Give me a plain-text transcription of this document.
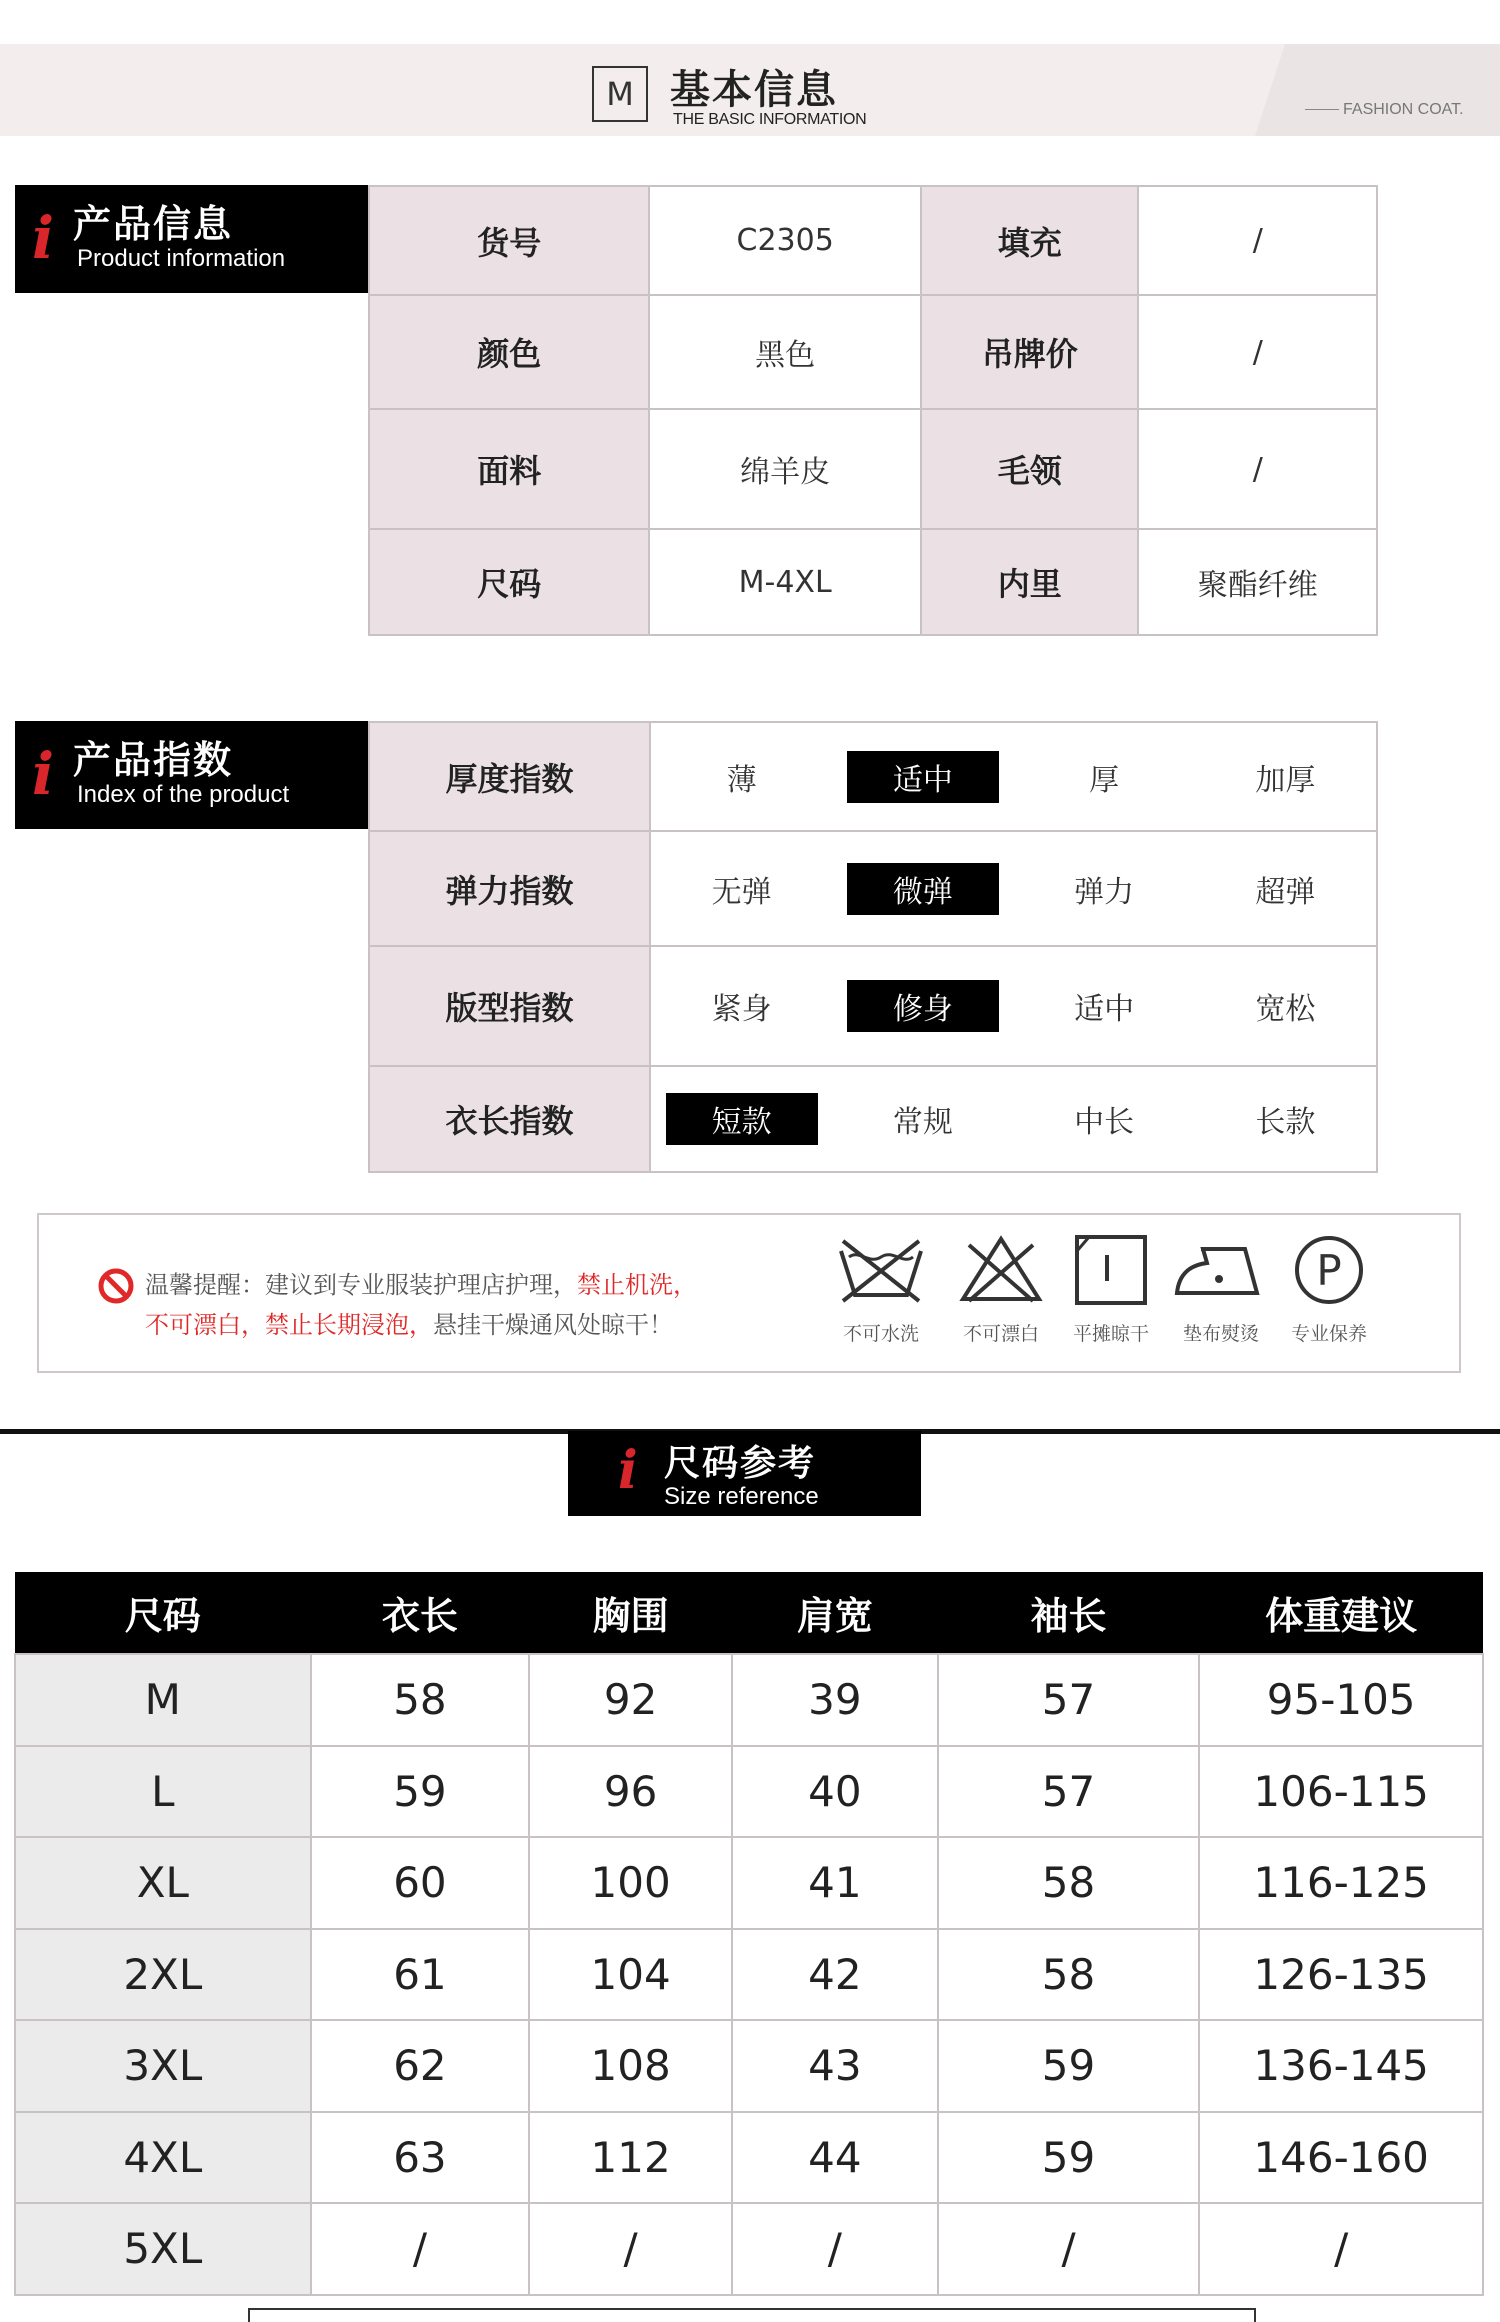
M 基本信息
THE BASIC INFORMATION
FASHION COAT.
i 产品信息
Product information	货号	C2305	填充	/
颜色	黑色	吊牌价	/
面料	绵羊皮	毛领	/
尺码	M-4XL	内里	聚酯纤维
i 产品指数
Index of the product	厚度指数	薄 适中 厚 加厚

弹力指数	无弹 微弹 弹力 超弹

版型指数	紧身 修身 适中 宽松

衣长指数	短款 常规 中长 长款
温馨提醒：建议到专业服装护理店护理，禁止机洗，
不可漂白，禁止长期浸泡，悬挂干燥通风处晾干！	不可水洗	不可漂白	平摊晾干	垫布熨烫
P
专业保养
i 尺码参考
Size reference
尺码	衣长	胸围	肩宽	袖长	体重建议
M	58	92	39	57	95-105
L	59	96	40	57	106-115
XL	60	100	41	58	116-125
2XL	61	104	42	58	126-135
3XL	62	108	43	59	136-145
4XL	63	112	44	59	146-160
5XL	/	/	/	/	/
